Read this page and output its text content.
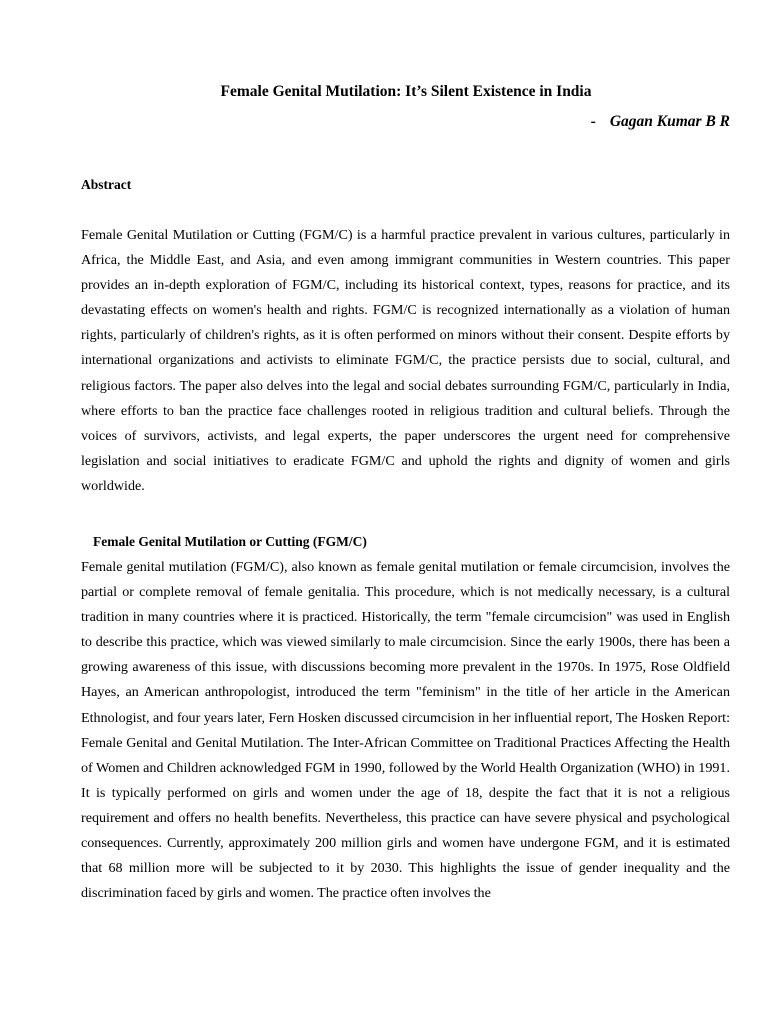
Female Genital Mutilation: It’s Silent Existence in India
- Gagan Kumar B R
Abstract

Female Genital Mutilation or Cutting (FGM/C) is a harmful practice prevalent in various cultures, particularly in Africa, the Middle East, and Asia, and even among immigrant communities in Western countries. This paper provides an in-depth exploration of FGM/C, including its historical context, types, reasons for practice, and its devastating effects on women's health and rights. FGM/C is recognized internationally as a violation of human rights, particularly of children's rights, as it is often performed on minors without their consent. Despite efforts by international organizations and activists to eliminate FGM/C, the practice persists due to social, cultural, and religious factors. The paper also delves into the legal and social debates surrounding FGM/C, particularly in India, where efforts to ban the practice face challenges rooted in religious tradition and cultural beliefs. Through the voices of survivors, activists, and legal experts, the paper underscores the urgent need for comprehensive legislation and social initiatives to eradicate FGM/C and uphold the rights and dignity of women and girls worldwide.

Female Genital Mutilation or Cutting (FGM/C)

Female genital mutilation (FGM/C), also known as female genital mutilation or female circumcision, involves the partial or complete removal of female genitalia. This procedure, which is not medically necessary, is a cultural tradition in many countries where it is practiced. Historically, the term "female circumcision" was used in English to describe this practice, which was viewed similarly to male circumcision. Since the early 1900s, there has been a growing awareness of this issue, with discussions becoming more prevalent in the 1970s. In 1975, Rose Oldfield Hayes, an American anthropologist, introduced the term "feminism" in the title of her article in the American Ethnologist, and four years later, Fern Hosken discussed circumcision in her influential report, The Hosken Report: Female Genital and Genital Mutilation. The Inter-African Committee on Traditional Practices Affecting the Health of Women and Children acknowledged FGM in 1990, followed by the World Health Organization (WHO) in 1991. It is typically performed on girls and women under the age of 18, despite the fact that it is not a religious requirement and offers no health benefits. Nevertheless, this practice can have severe physical and psychological consequences. Currently, approximately 200 million girls and women have undergone FGM, and it is estimated that 68 million more will be subjected to it by 2030. This highlights the issue of gender inequality and the discrimination faced by girls and women. The practice often involves the
